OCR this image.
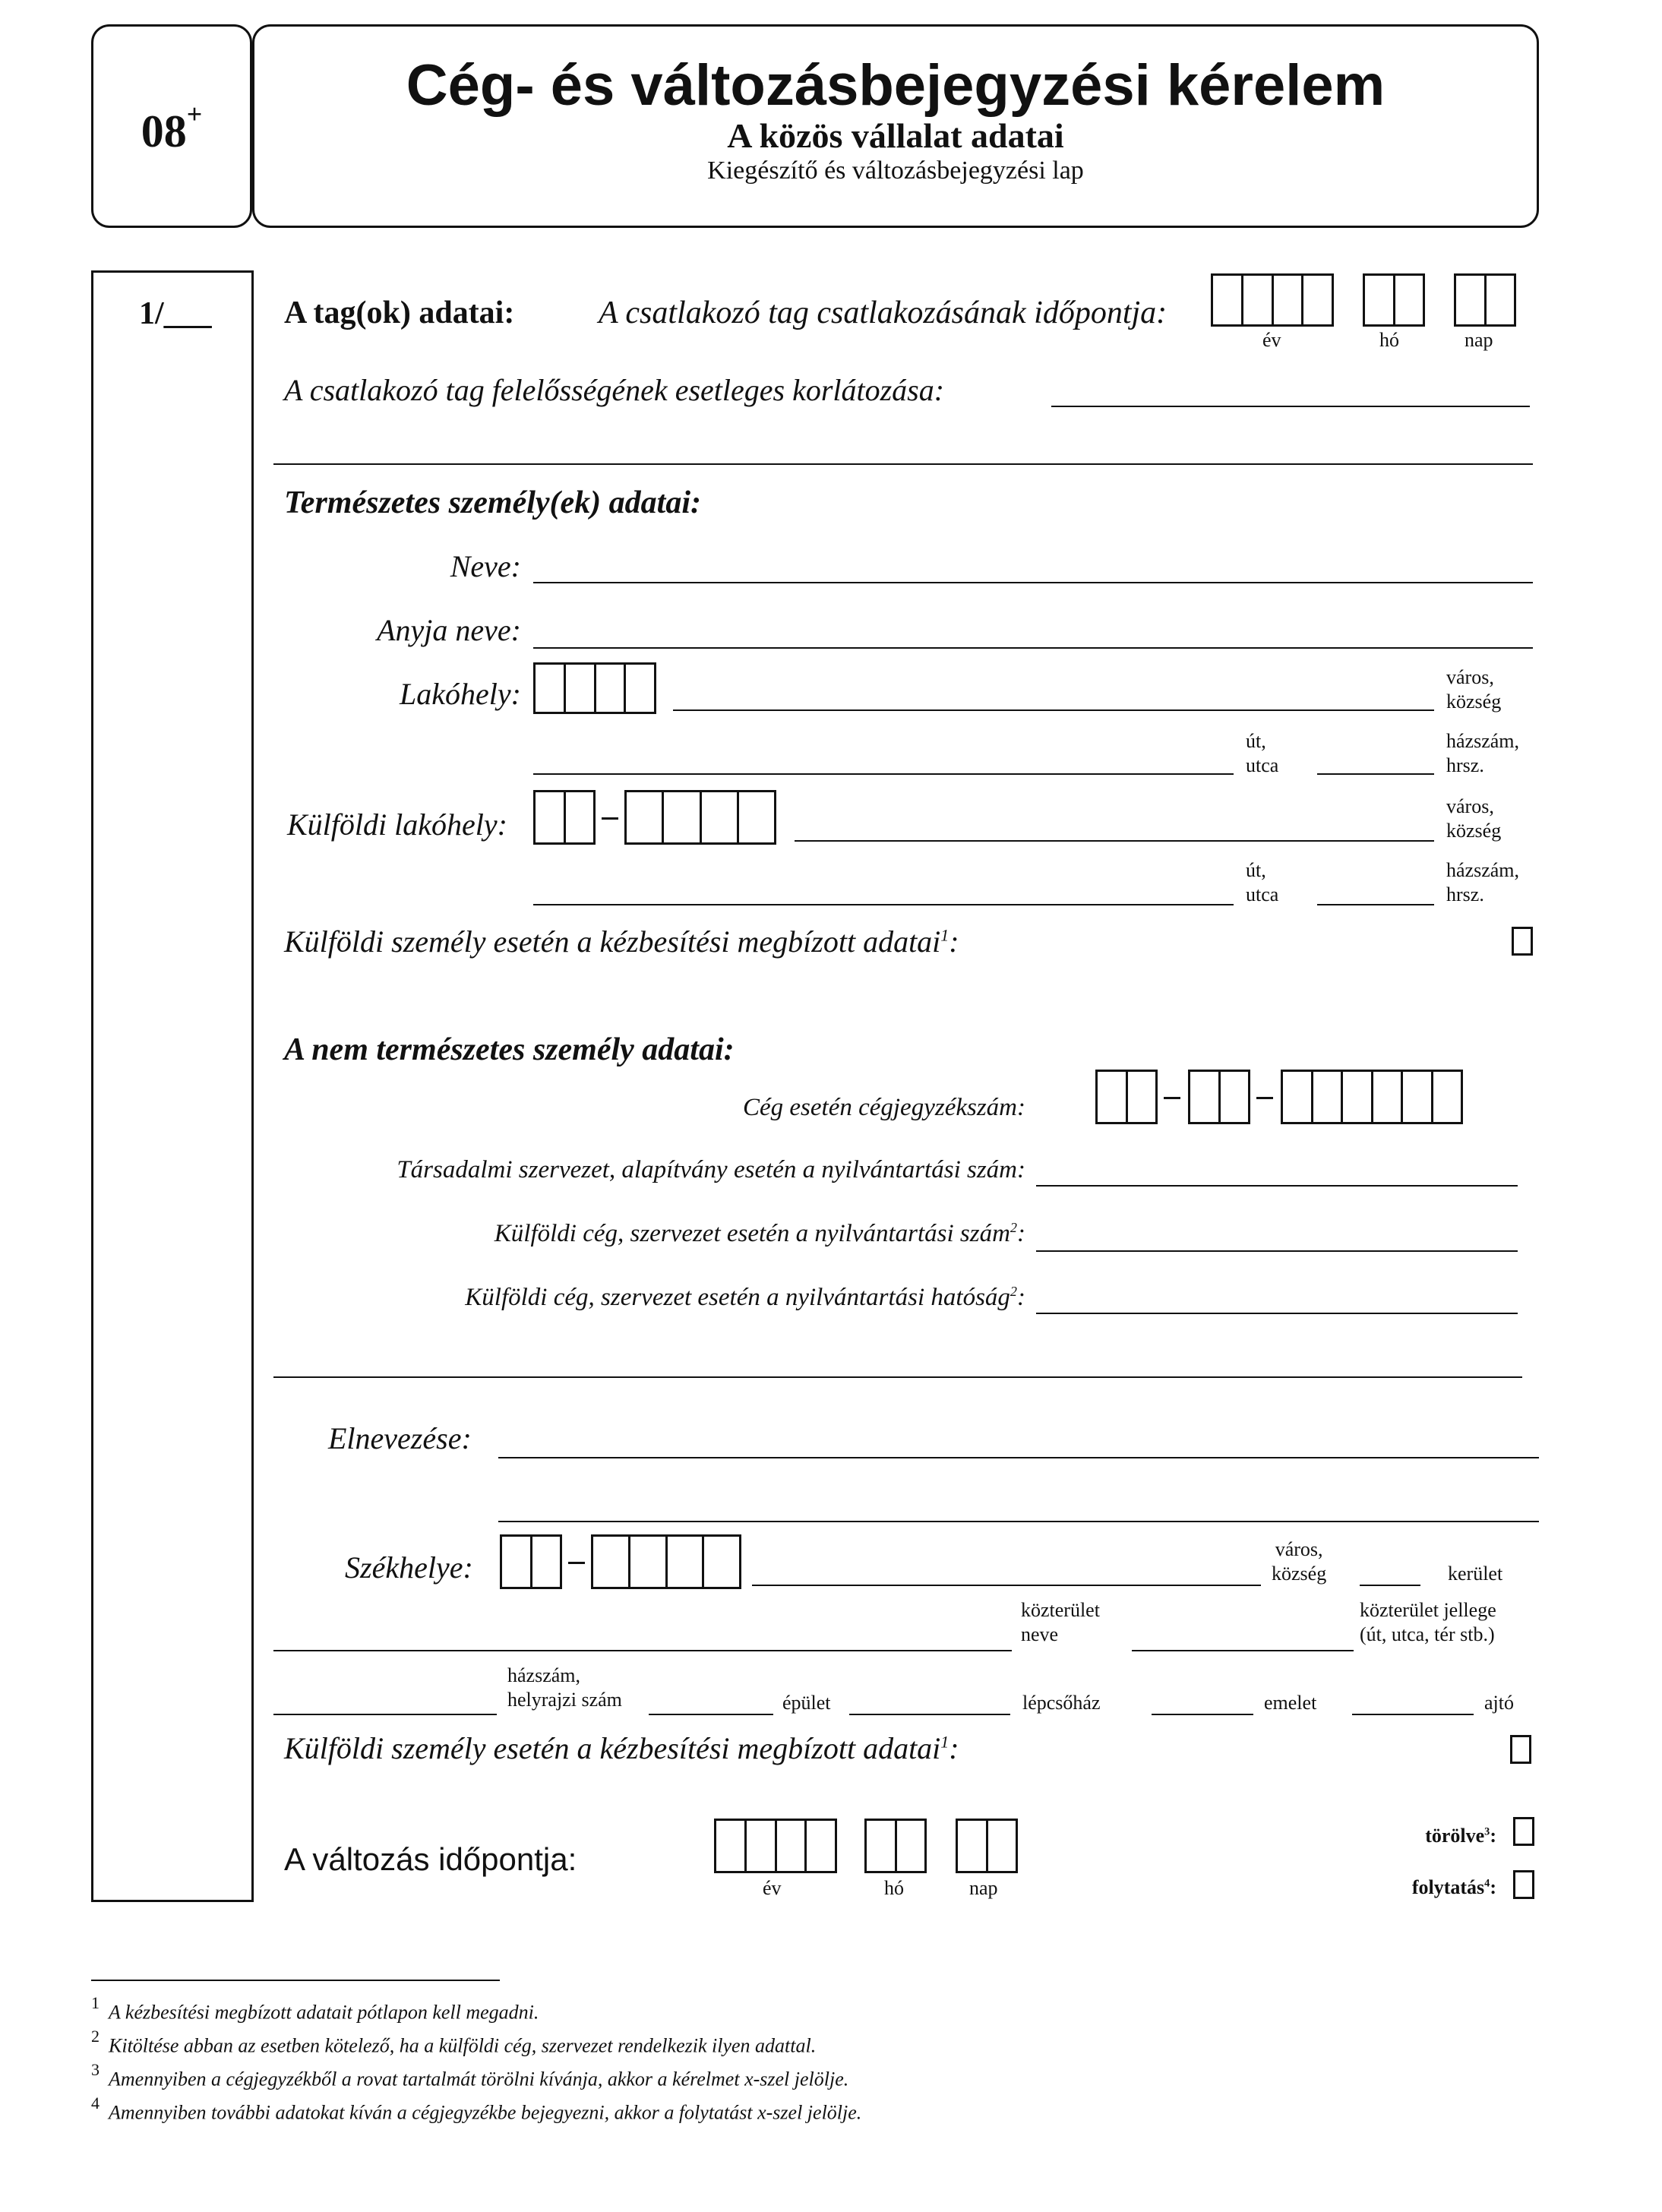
08+	Cég- és változásbejegyzési kérelem
A közös vállalat adatai
Kiegészítő és változásbejegyzési lap
1/___ A tag(ok) adatai:	A csatlakozó tag csatlakozásának időpontja:
év	hó	nap
A csatlakozó tag felelősségének esetleges korlátozása:
Természetes személy(ek) adatai:
Neve:
Anyja neve:
Lakóhely:	város,
község
út,
utca
házszám,
hrsz.
Külföldi lakóhely:
város,
község
út,
utca
házszám,
hrsz.
Külföldi személy esetén a kézbesítési megbízott adatai$^1$:
A nem természetes személy adatai:
Cég esetén cégjegyzékszám:
Társadalmi szervezet, alapítvány esetén a nyilvántartási szám:
Külföldi cég, szervezet esetén a nyilvántartási szám$^2$:
Külföldi cég, szervezet esetén a nyilvántartási hatóság$^2$:
Elnevezése:
Székhelye:
város,
község	kerület
közterület
neve
közterület jellege
(út, utca, tér stb.)
házszám,
helyrajzi szám	épület	lépcsőház	emelet	ajtó
Külföldi személy esetén a kézbesítési megbízott adatai$^1$:
A változás időpontja:
év	hó	nap
törölve$^3$:
folytatás$^4$:
$^1$ A kézbesítési megbízott adatait pótlapon kell megadni.
$^2$ Kitöltése abban az esetben kötelező, ha a külföldi cég, szervezet rendelkezik ilyen adattal.
$^3$ Amennyiben a cégjegyzékből a rovat tartalmát törölni kívánja, akkor a kérelmet x-szel jelölje.
$^4$ Amennyiben további adatokat kíván a cégjegyzékbe bejegyezni, akkor a folytatást x-szel jelölje.
